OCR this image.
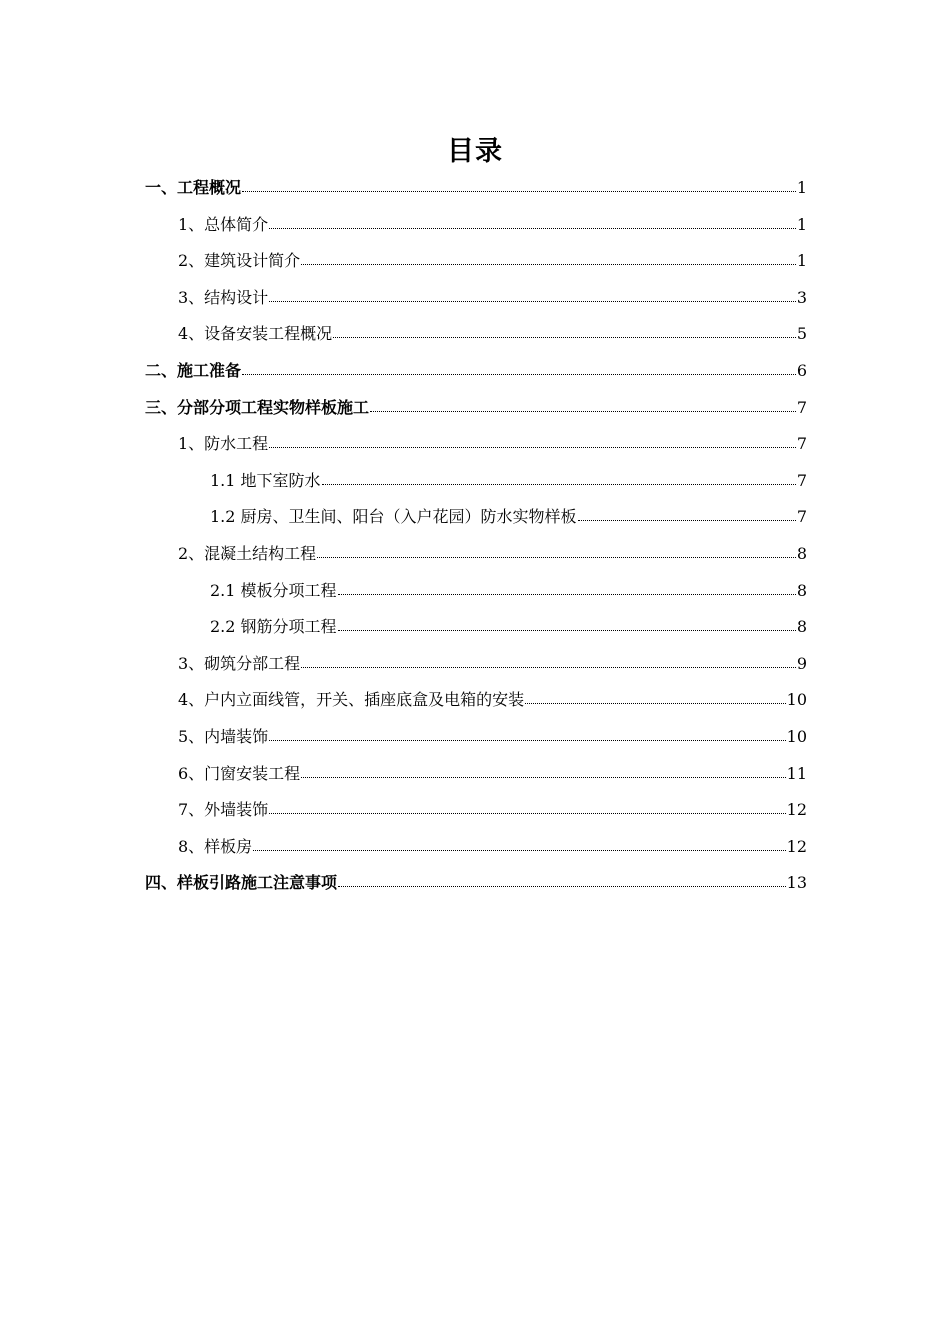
目录
一、工程概况	1
1、总体简介	1
2、建筑设计简介	1
3、结构设计	3
4、设备安装工程概况	5
二、施工准备	6
三、分部分项工程实物样板施工	7
1、防水工程	7
1.1 地下室防水	7
1.2 厨房、卫生间、阳台（入户花园）防水实物样板	7
2、混凝土结构工程	8
2.1 模板分项工程	8
2.2 钢筋分项工程	8
3、砌筑分部工程	9
4、户内立面线管，开关、插座底盒及电箱的安装	10
5、内墙装饰	10
6、门窗安装工程	11
7、外墙装饰	12
8、样板房	12
四、样板引路施工注意事项	13
